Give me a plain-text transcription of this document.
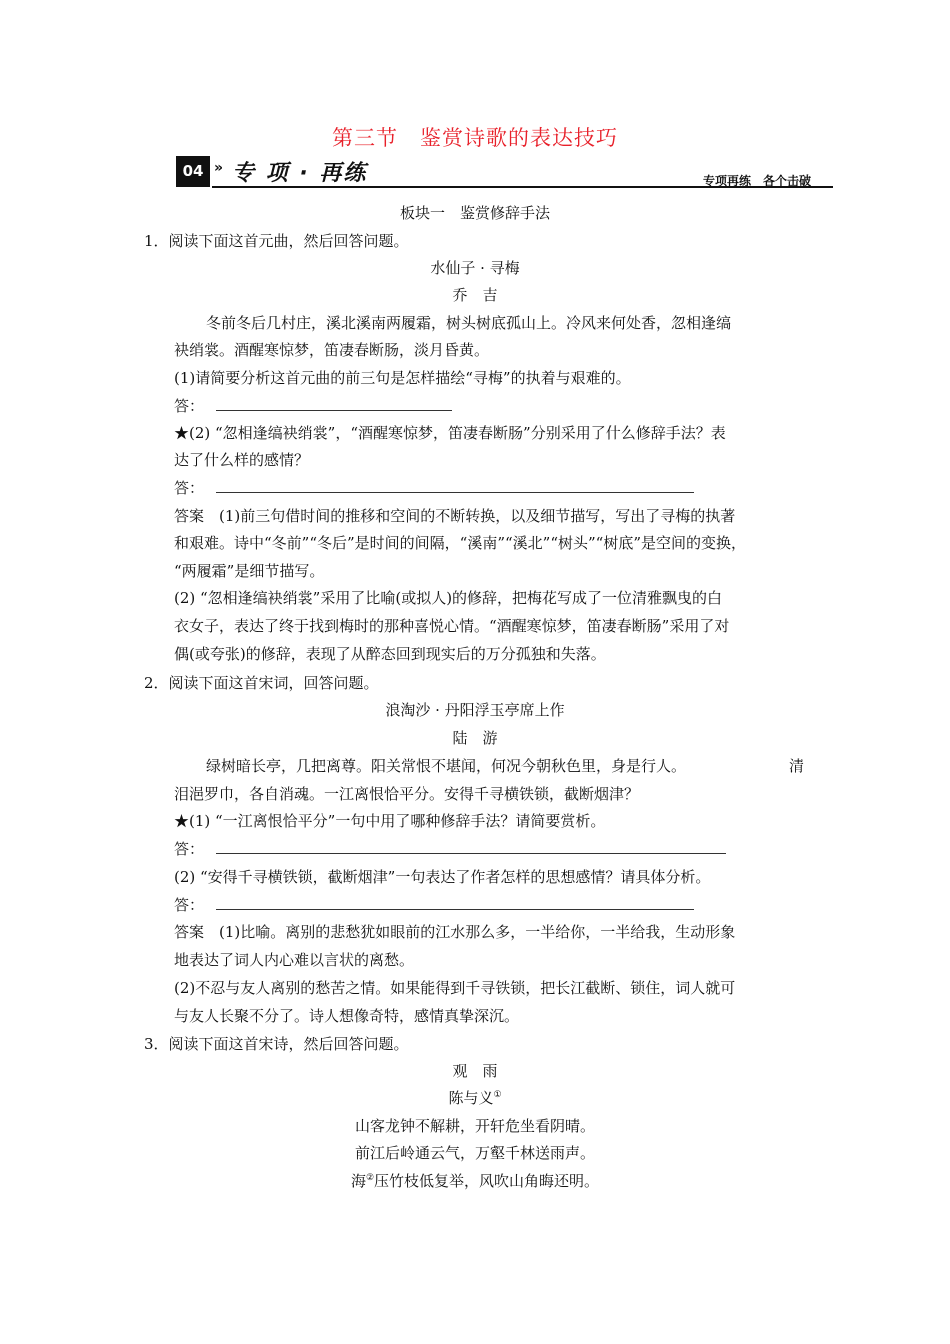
第三节　鉴赏诗歌的表达技巧
04 » 专 项 · 再练	专项再练　各个击破
板块一　鉴赏修辞手法
1．阅读下面这首元曲，然后回答问题。
水仙子 · 寻梅
乔　吉
冬前冬后几村庄，溪北溪南两履霜，树头树底孤山上。冷风来何处香，忽相逢缟
袂绡裳。酒醒寒惊梦，笛凄春断肠，淡月昏黄。
(1)请简要分析这首元曲的前三句是怎样描绘“寻梅”的执着与艰难的。
答：
★(2) “忽相逢缟袂绡裳”，“酒醒寒惊梦，笛凄春断肠”分别采用了什么修辞手法？表
达了什么样的感情？
答：
答案　(1)前三句借时间的推移和空间的不断转换，以及细节描写，写出了寻梅的执著
和艰难。诗中“冬前”“冬后”是时间的间隔，“溪南”“溪北”“树头”“树底”是空间的变换，
“两履霜”是细节描写。
(2) “忽相逢缟袂绡裳”采用了比喻(或拟人)的修辞，把梅花写成了一位清雅飘曳的白
衣女子，表达了终于找到梅时的那种喜悦心情。“酒醒寒惊梦，笛凄春断肠”采用了对
偶(或夸张)的修辞，表现了从醉态回到现实后的万分孤独和失落。
2．阅读下面这首宋词，回答问题。
浪淘沙 · 丹阳浮玉亭席上作
陆　游
绿树暗长亭，几把离尊。阳关常恨不堪闻，何况今朝秋色里，身是行人。	清
泪浥罗巾，各自消魂。一江离恨恰平分。安得千寻横铁锁，截断烟津？
★(1) “一江离恨恰平分”一句中用了哪种修辞手法？请简要赏析。
答：
(2) “安得千寻横铁锁，截断烟津”一句表达了作者怎样的思想感情？请具体分析。
答：
答案　(1)比喻。离别的悲愁犹如眼前的江水那么多，一半给你，一半给我，生动形象
地表达了词人内心难以言状的离愁。
(2)不忍与友人离别的愁苦之情。如果能得到千寻铁锁，把长江截断、锁住，词人就可
与友人长聚不分了。诗人想像奇特，感情真挚深沉。
3．阅读下面这首宋诗，然后回答问题。
观　雨
陈与义①
山客龙钟不解耕，开轩危坐看阴晴。
前江后岭通云气，万壑千林送雨声。
海②压竹枝低复举，风吹山角晦还明。
